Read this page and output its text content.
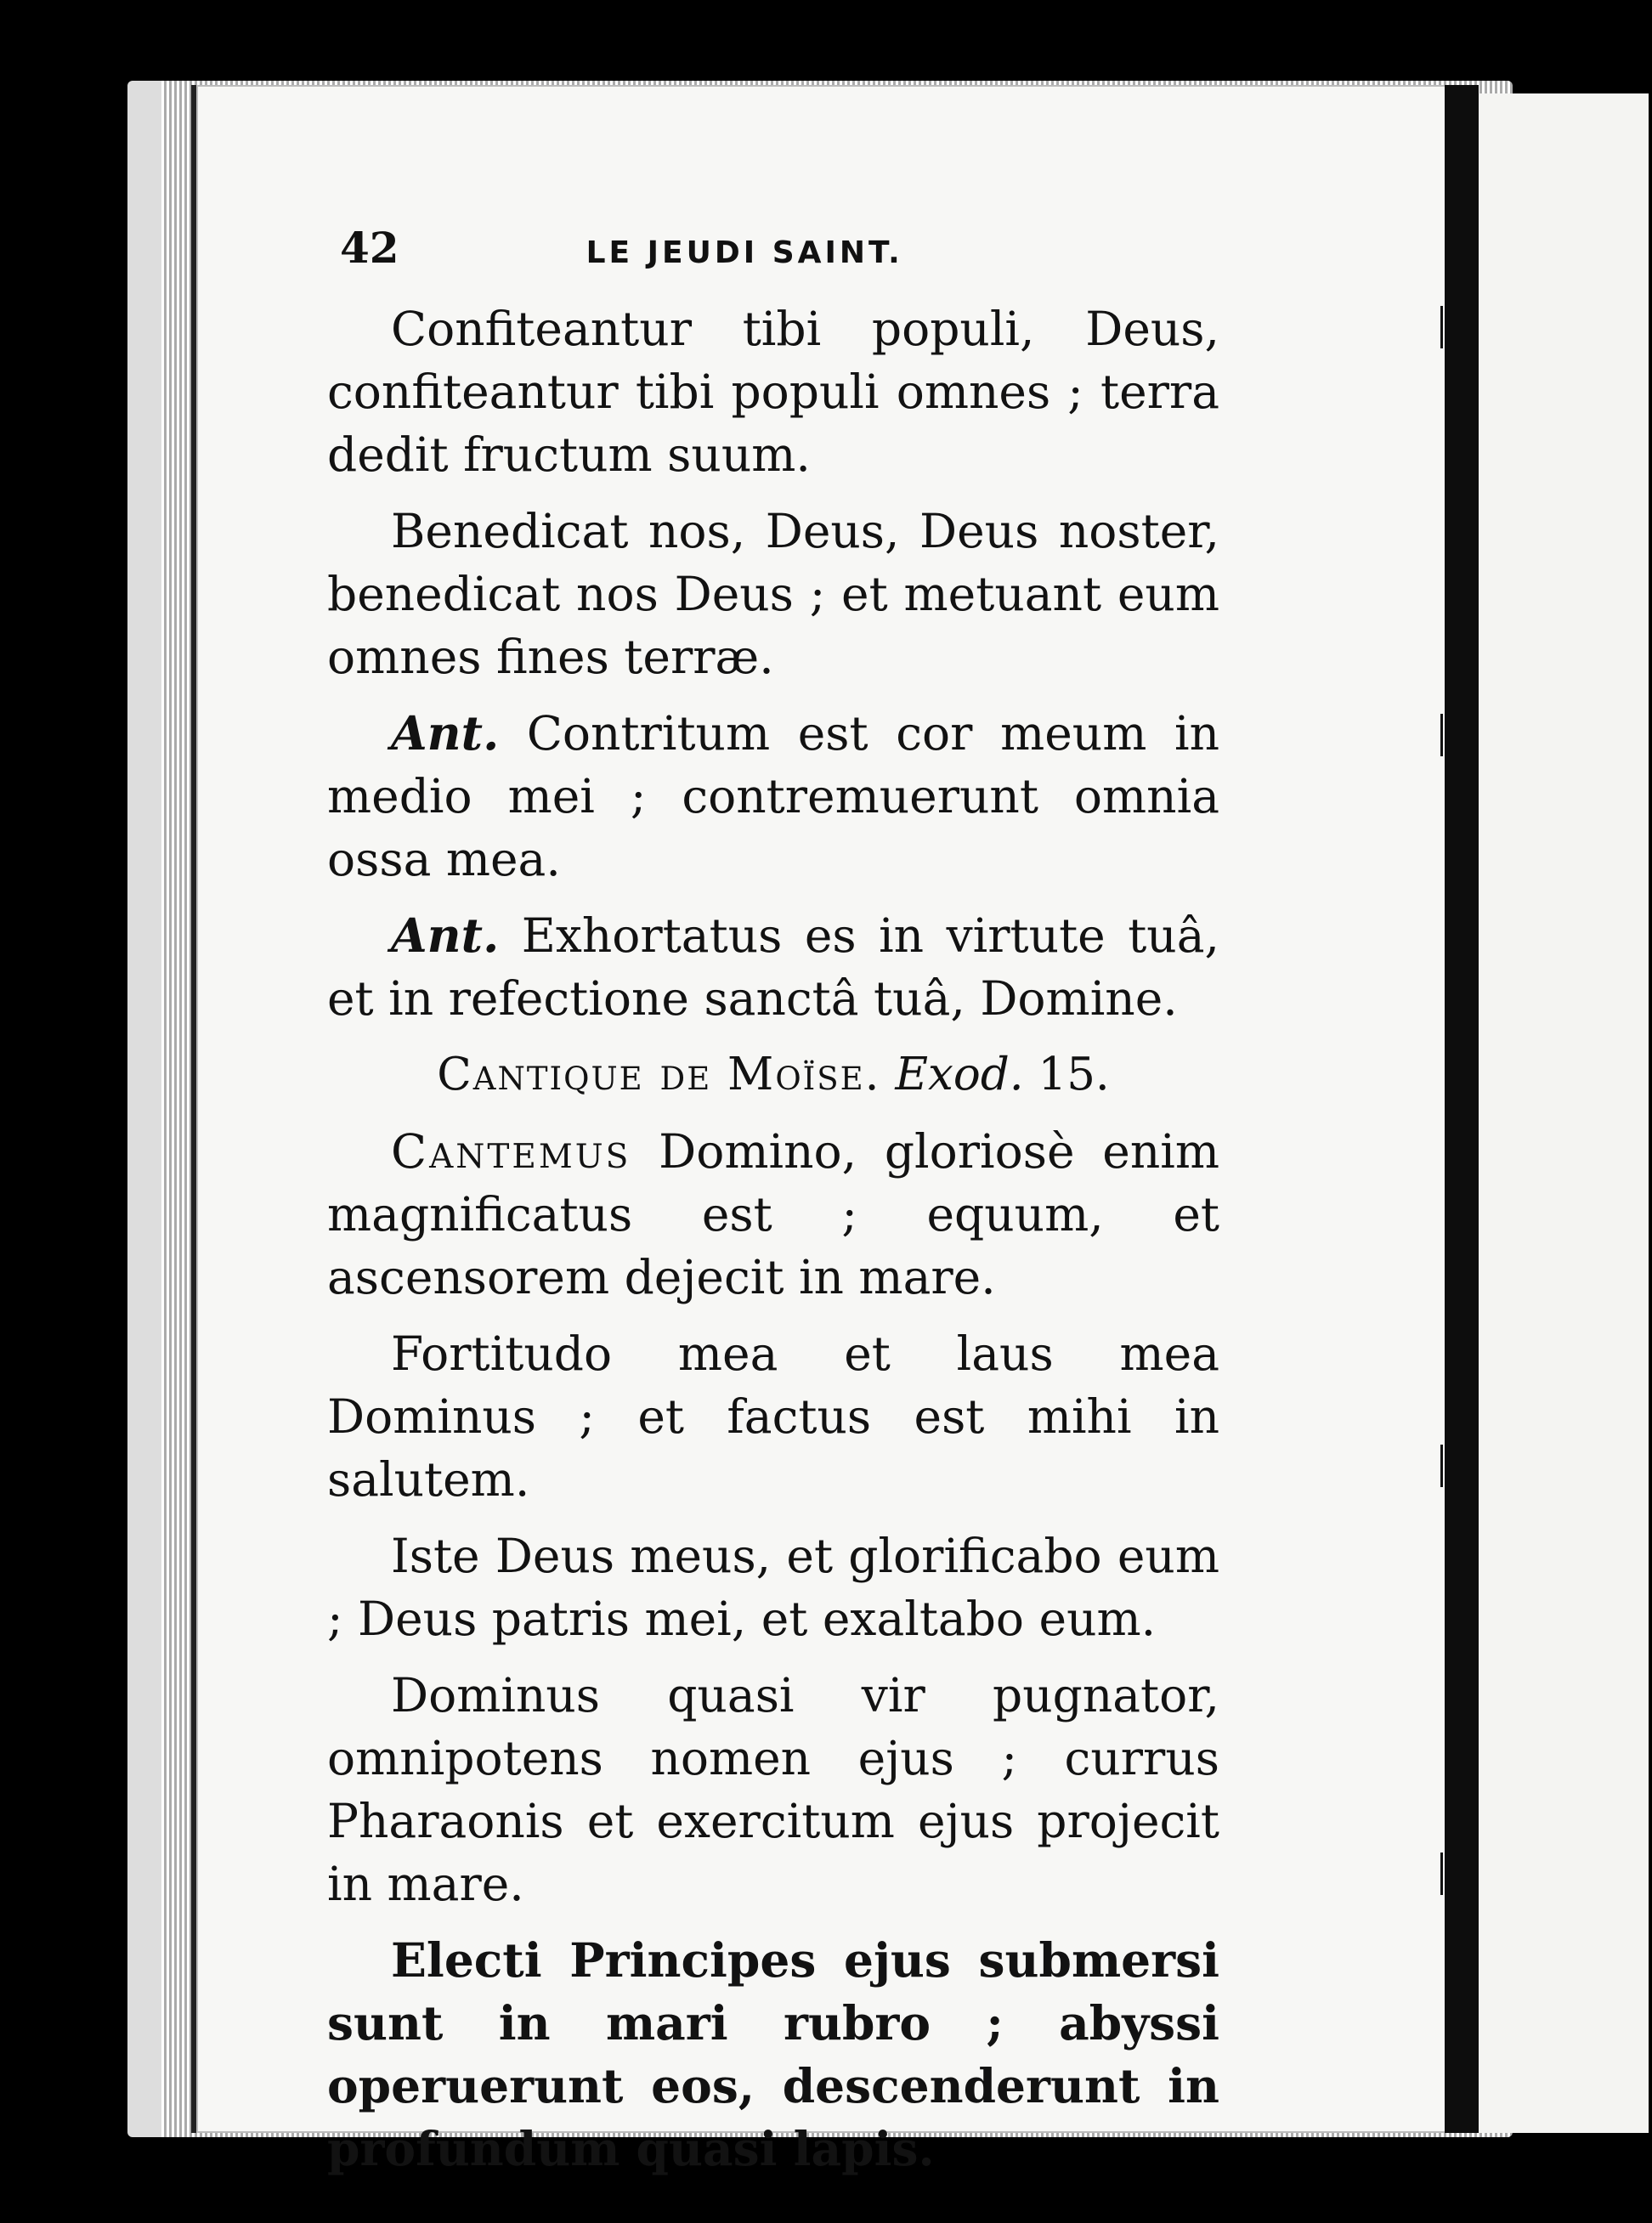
42	LE JEUDI SAINT.

Confiteantur tibi populi, Deus, confiteantur tibi populi omnes ; terra dedit fructum suum.

Benedicat nos, Deus, Deus noster, benedicat nos Deus ; et metuant eum omnes fines terræ.

Ant. Contritum est cor meum in medio mei ; contremuerunt omnia ossa mea.

Ant. Exhortatus es in virtute tuâ, et in refectione sanctâ tuâ, Domine.

Cantique de Moïse. Exod. 15.

Cantemus Domino, gloriosè enim magnificatus est ; equum, et ascensorem dejecit in mare.

Fortitudo mea et laus mea Dominus ; et factus est mihi in salutem.

Iste Deus meus, et glorificabo eum ; Deus patris mei, et exaltabo eum.

Dominus quasi vir pugnator, omnipotens nomen ejus ; currus Pharaonis et exercitum ejus projecit in mare.

Electi Principes ejus submersi sunt in mari rubro ; abyssi operuerunt eos, descenderunt in profundum quasi lapis.
